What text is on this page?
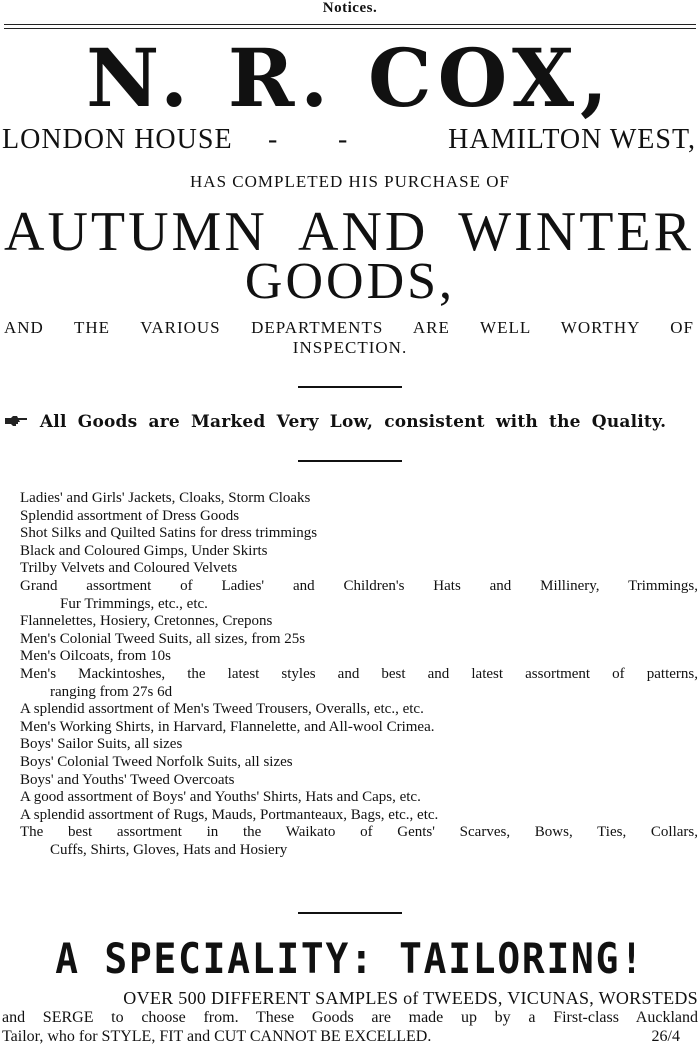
Notices.
N. R. COX,
LONDON HOUSE - -	HAMILTON WEST,
HAS COMPLETED HIS PURCHASE OF
AUTUMN AND WINTER
GOODS,
AND THE VARIOUS DEPARTMENTS ARE WELL WORTHY OF
INSPECTION.
All Goods are Marked Very Low, consistent with the Quality.
Ladies' and Girls' Jackets, Cloaks, Storm Cloaks
Splendid assortment of Dress Goods
Shot Silks and Quilted Satins for dress trimmings
Black and Coloured Gimps, Under Skirts
Trilby Velvets and Coloured Velvets
Grand assortment of Ladies' and Children's Hats and Millinery, Trimmings,
Fur Trimmings, etc., etc.
Flannelettes, Hosiery, Cretonnes, Crepons
Men's Colonial Tweed Suits, all sizes, from 25s
Men's Oilcoats, from 10s
Men's Mackintoshes, the latest styles and best and latest assortment of patterns,
ranging from 27s 6d
A splendid assortment of Men's Tweed Trousers, Overalls, etc., etc.
Men's Working Shirts, in Harvard, Flannelette, and All-wool Crimea.
Boys' Sailor Suits, all sizes
Boys' Colonial Tweed Norfolk Suits, all sizes
Boys' and Youths' Tweed Overcoats
A good assortment of Boys' and Youths' Shirts, Hats and Caps, etc.
A splendid assortment of Rugs, Mauds, Portmanteaux, Bags, etc., etc.
The best assortment in the Waikato of Gents' Scarves, Bows, Ties, Collars,
Cuffs, Shirts, Gloves, Hats and Hosiery
A SPECIALITY: TAILORING!
OVER 500 DIFFERENT SAMPLES of TWEEDS, VICUNAS, WORSTEDS
and SERGE to choose from. These Goods are made up by a First-class Auckland
Tailor, who for STYLE, FIT and CUT CANNOT BE EXCELLED.	26/4
